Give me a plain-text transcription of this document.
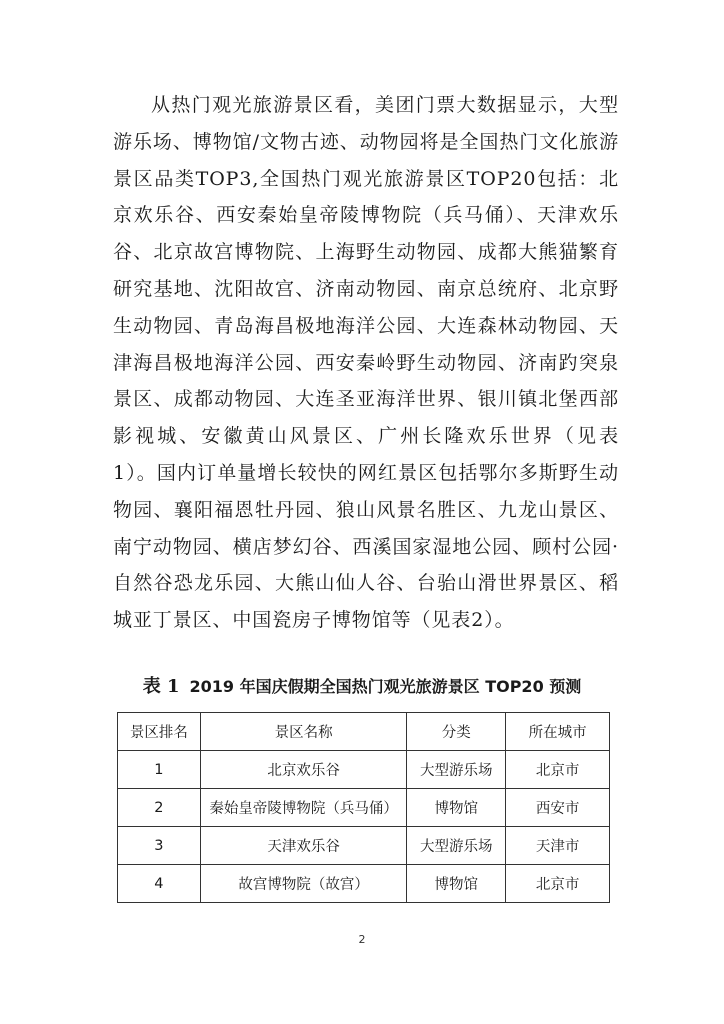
从热门观光旅游景区看，美团门票大数据显示，大型游乐场、博物馆/文物古迹、动物园将是全国热门文化旅游景区品类TOP3,全国热门观光旅游景区TOP20包括：北京欢乐谷、西安秦始皇帝陵博物院（兵马俑）、天津欢乐谷、北京故宫博物院、上海野生动物园、成都大熊猫繁育研究基地、沈阳故宫、济南动物园、南京总统府、北京野生动物园、青岛海昌极地海洋公园、大连森林动物园、天津海昌极地海洋公园、西安秦岭野生动物园、济南趵突泉景区、成都动物园、大连圣亚海洋世界、银川镇北堡西部影视城、安徽黄山风景区、广州长隆欢乐世界（见表 1）。国内订单量增长较快的网红景区包括鄂尔多斯野生动物园、襄阳福恩牡丹园、狼山风景名胜区、九龙山景区、南宁动物园、横店梦幻谷、西溪国家湿地公园、顾村公园·自然谷恐龙乐园、大熊山仙人谷、台骀山滑世界景区、稻城亚丁景区、中国瓷房子博物馆等（见表2）。

表 1 2019 年国庆假期全国热门观光旅游景区 TOP20 预测
景区排名	景区名称	分类	所在城市
1	北京欢乐谷	大型游乐场	北京市
2	秦始皇帝陵博物院（兵马俑）	博物馆	西安市
3	天津欢乐谷	大型游乐场	天津市
4	故宫博物院（故宫）	博物馆	北京市
2
